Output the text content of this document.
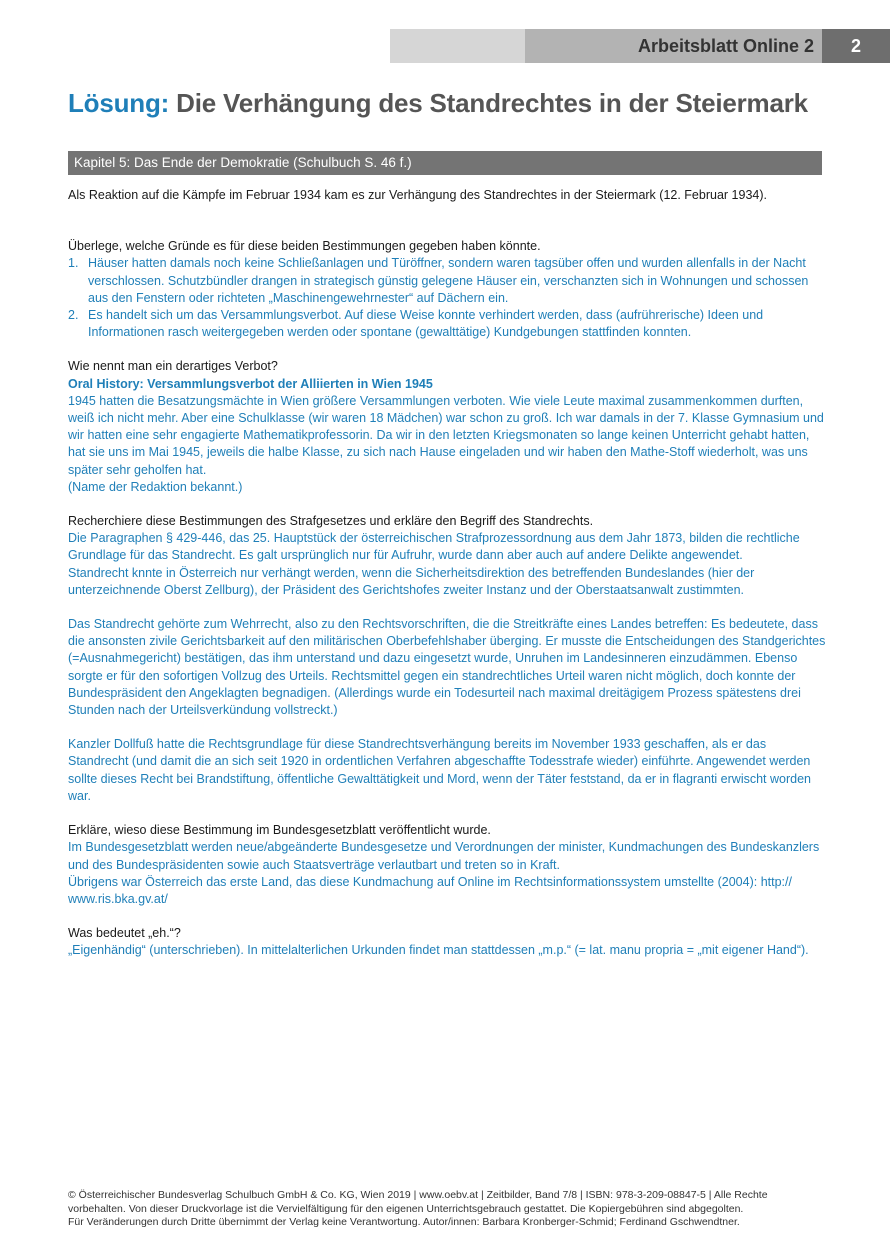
Arbeitsblatt Online 2	2
Lösung: Die Verhängung des Standrechtes in der Steiermark
Kapitel 5: Das Ende der Demokratie (Schulbuch S. 46 f.)

Als Reaktion auf die Kämpfe im Februar 1934 kam es zur Verhängung des Standrechtes in der Steiermark (12. Februar 1934).

Überlege, welche Gründe es für diese beiden Bestimmungen gegeben haben könnte.

1. Häuser hatten damals noch keine Schließanlagen und Türöffner, sondern waren tagsüber offen und wurden allenfalls in der Nacht verschlossen. Schutzbündler drangen in strategisch günstig gelegene Häuser ein, verschanzten sich in Wohnungen und schossen aus den Fenstern oder richteten „Maschinengewehrnester“ auf Dächern ein.
2. Es handelt sich um das Versammlungsverbot. Auf diese Weise konnte verhindert werden, dass (aufrührerische) Ideen und Informationen rasch weitergegeben werden oder spontane (gewalttätige) Kundgebungen stattfinden konnten.

Wie nennt man ein derartiges Verbot?

Oral History: Versammlungsverbot der Alliierten in Wien 1945

1945 hatten die Besatzungsmächte in Wien größere Versammlungen verboten. Wie viele Leute maximal zusammenkommen durften, weiß ich nicht mehr. Aber eine Schulklasse (wir waren 18 Mädchen) war schon zu groß. Ich war damals in der 7. Klasse Gymnasium und wir hatten eine sehr engagierte Mathematikprofessorin. Da wir in den letzten Kriegsmonaten so lange keinen Unterricht gehabt hatten, hat sie uns im Mai 1945, jeweils die halbe Klasse, zu sich nach Hause eingeladen und wir haben den Mathe-Stoff wiederholt, was uns später sehr geholfen hat.

(Name der Redaktion bekannt.)

Recherchiere diese Bestimmungen des Strafgesetzes und erkläre den Begriff des Standrechts.

Die Paragraphen § 429-446, das 25. Hauptstück der österreichischen Strafprozessordnung aus dem Jahr 1873, bilden die rechtliche Grundlage für das Standrecht. Es galt ursprünglich nur für Aufruhr, wurde dann aber auch auf andere Delikte angewendet.

Standrecht knnte in Österreich nur verhängt werden, wenn die Sicherheitsdirektion des betreffenden Bundeslandes (hier der unterzeichnende Oberst Zellburg), der Präsident des Gerichtshofes zweiter Instanz und der Oberstaatsanwalt zustimmten.

Das Standrecht gehörte zum Wehrrecht, also zu den Rechtsvorschriften, die die Streitkräfte eines Landes betreffen: Es bedeutete, dass die ansonsten zivile Gerichtsbarkeit auf den militärischen Oberbefehlshaber überging. Er musste die Entscheidungen des Standgerichtes (=Ausnahmegericht) bestätigen, das ihm unterstand und dazu eingesetzt wurde, Unruhen im Landesinneren einzudämmen. Ebenso sorgte er für den sofortigen Vollzug des Urteils. Rechtsmittel gegen ein standrechtliches Urteil waren nicht möglich, doch konnte der Bundespräsident den Angeklagten begnadigen. (Allerdings wurde ein Todesurteil nach maximal dreitägigem Prozess spätestens drei Stunden nach der Urteilsverkündung vollstreckt.)

Kanzler Dollfuß hatte die Rechtsgrundlage für diese Standrechtsverhängung bereits im November 1933 geschaffen, als er das Standrecht (und damit die an sich seit 1920 in ordentlichen Verfahren abgeschaffte Todesstrafe wieder) einführte. Angewendet werden sollte dieses Recht bei Brandstiftung, öffentliche Gewalttätigkeit und Mord, wenn der Täter feststand, da er in flagranti erwischt worden war.

Erkläre, wieso diese Bestimmung im Bundesgesetzblatt veröffentlicht wurde.

Im Bundesgesetzblatt werden neue/abgeänderte Bundesgesetze und Verordnungen der minister, Kundmachungen des Bundeskanzlers und des Bundespräsidenten sowie auch Staatsverträge verlautbart und treten so in Kraft.

Übrigens war Österreich das erste Land, das diese Kundmachung auf Online im Rechtsinformationssystem umstellte (2004): http:// www.ris.bka.gv.at/

Was bedeutet „eh.“?

„Eigenhändig“ (unterschrieben). In mittelalterlichen Urkunden findet man stattdessen „m.p.“ (= lat. manu propria = „mit eigener Hand“).

© Österreichischer Bundesverlag Schulbuch GmbH & Co. KG, Wien 2019 | www.oebv.at | Zeitbilder, Band 7/8 | ISBN: 978-3-209-08847-5 | Alle Rechte vorbehalten. Von dieser Druckvorlage ist die Vervielfältigung für den eigenen Unterrichtsgebrauch gestattet. Die Kopiergebühren sind abgegolten.

Für Veränderungen durch Dritte übernimmt der Verlag keine Verantwortung. Autor/innen: Barbara Kronberger-Schmid; Ferdinand Gschwendtner.
